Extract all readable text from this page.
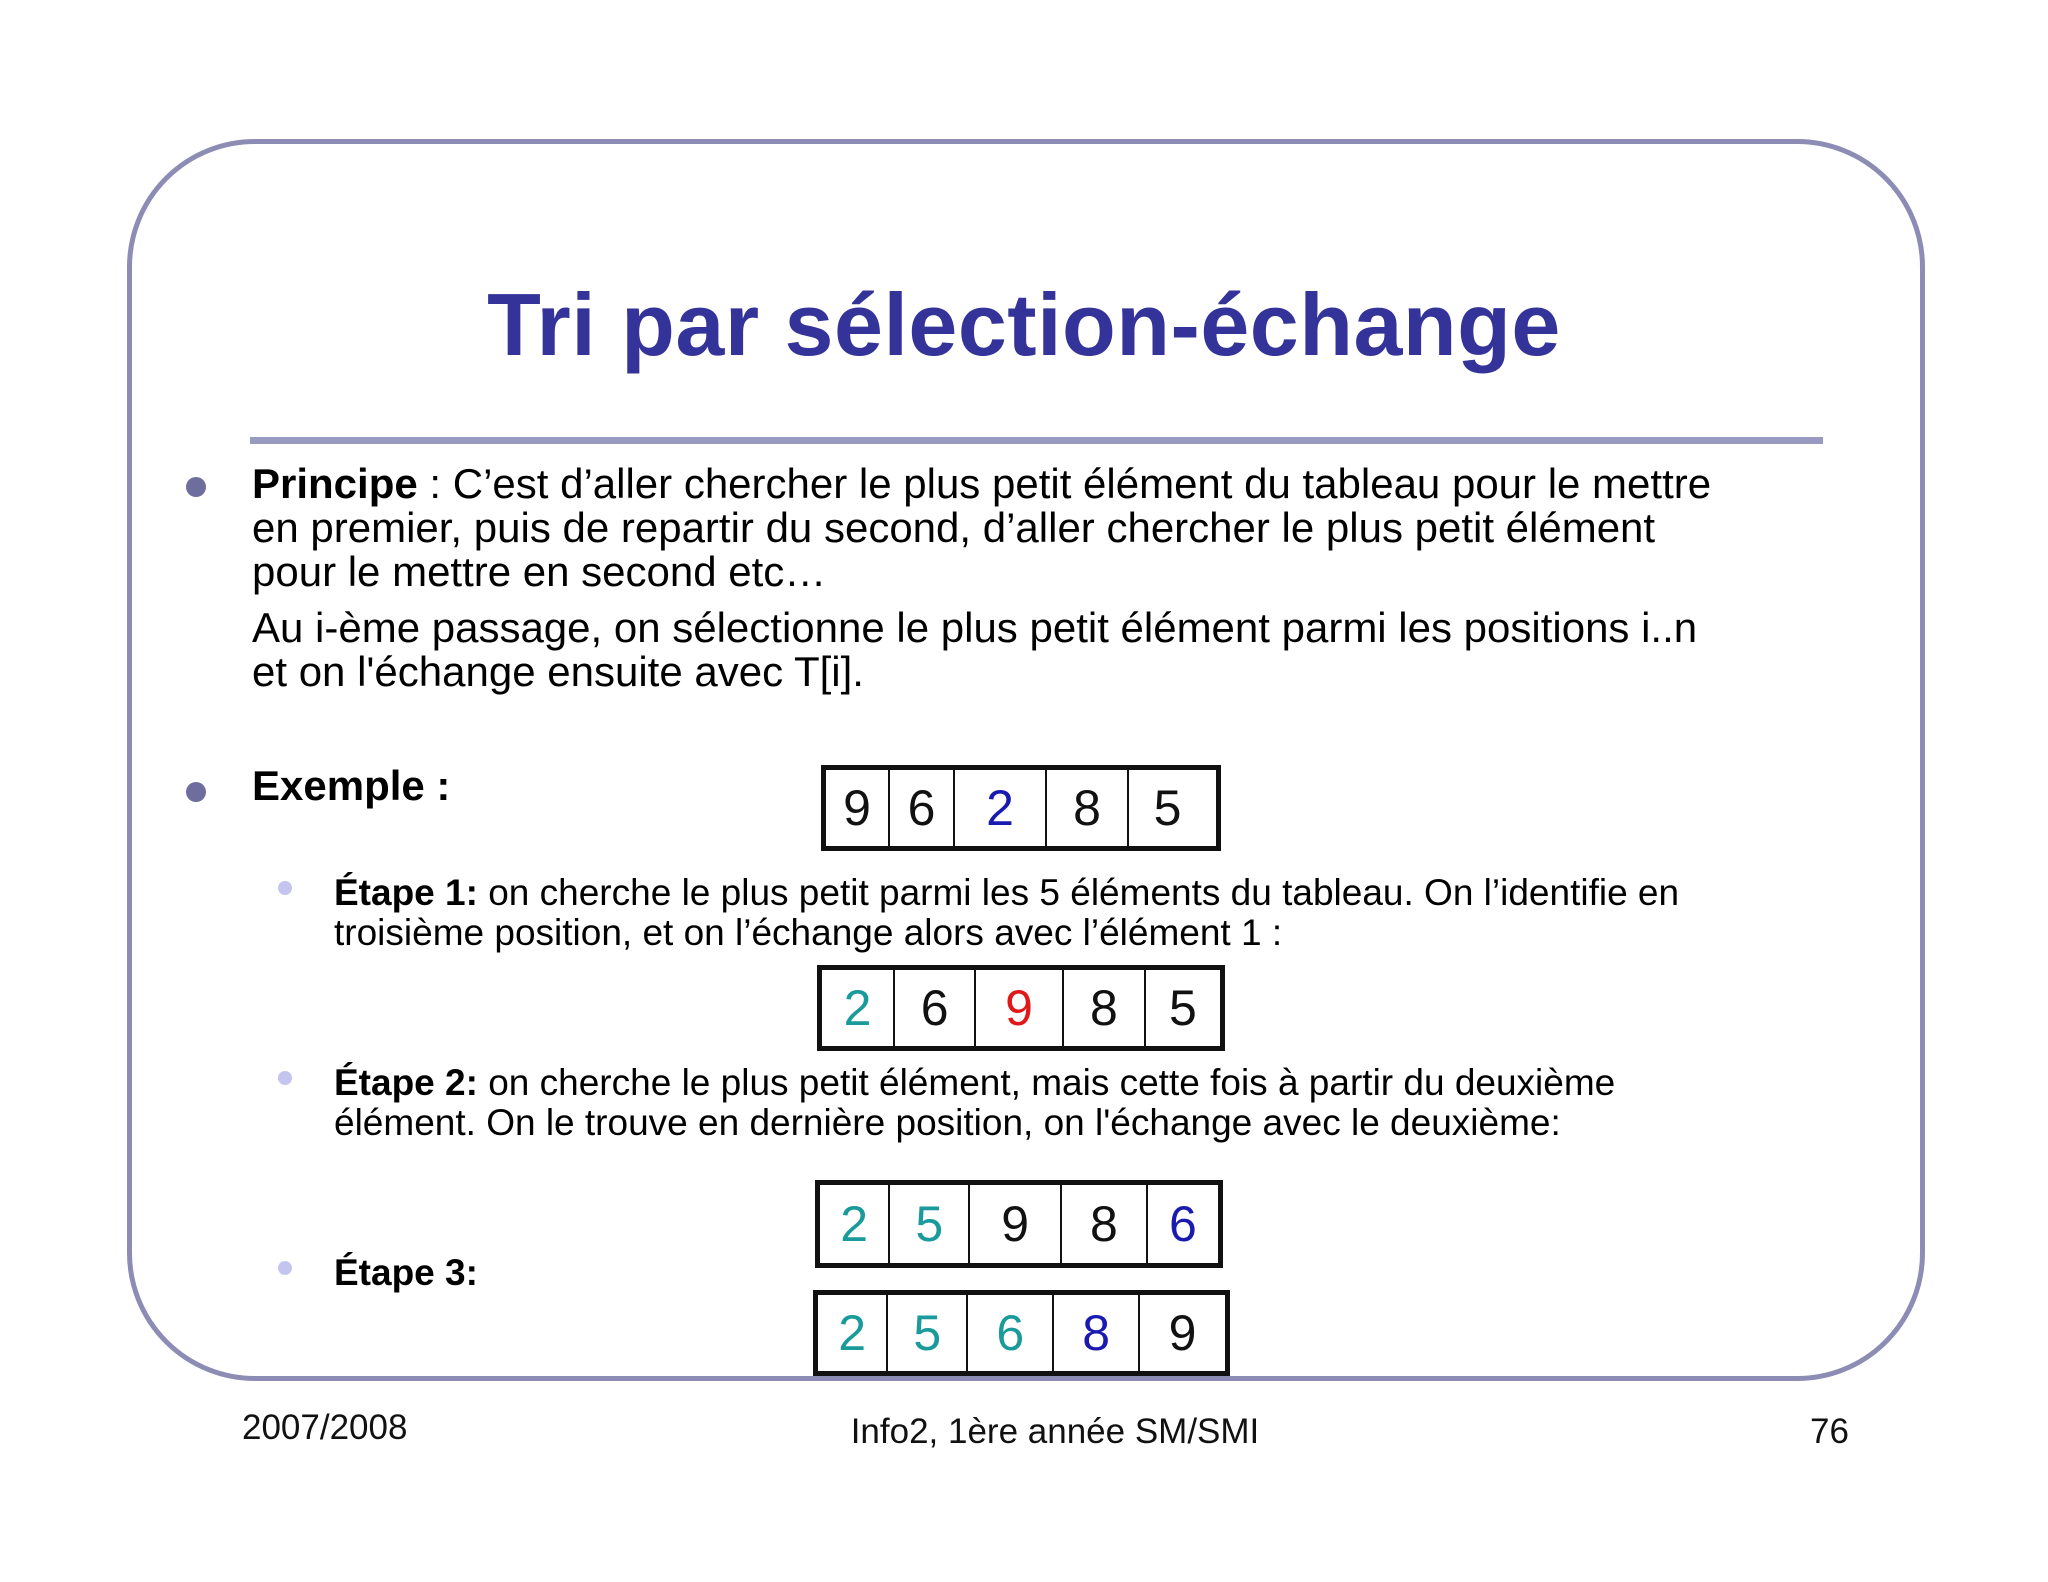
Tri par sélection-échange
Principe : C’est d’aller chercher le plus petit élément du tableau pour le mettre
en premier, puis de repartir du second, d’aller chercher le plus petit élément
pour le mettre en second etc…
Au i-ème passage, on sélectionne le plus petit élément parmi les positions i..n
et on l'échange ensuite avec T[i].
Exemple :	9 6	2	8	5
Étape 1: on cherche le plus petit parmi les 5 éléments du tableau. On l’identifie en
troisième position, et on l’échange alors avec l’élément 1 :
2 6	9	8	5
Étape 2: on cherche le plus petit élément, mais cette fois à partir du deuxième
élément. On le trouve en dernière position, on l'échange avec le deuxième:
2 5	9	8	6
Étape 3:
2 5	6	8	9
2007/2008	Info2, 1ère année SM/SMI	76
